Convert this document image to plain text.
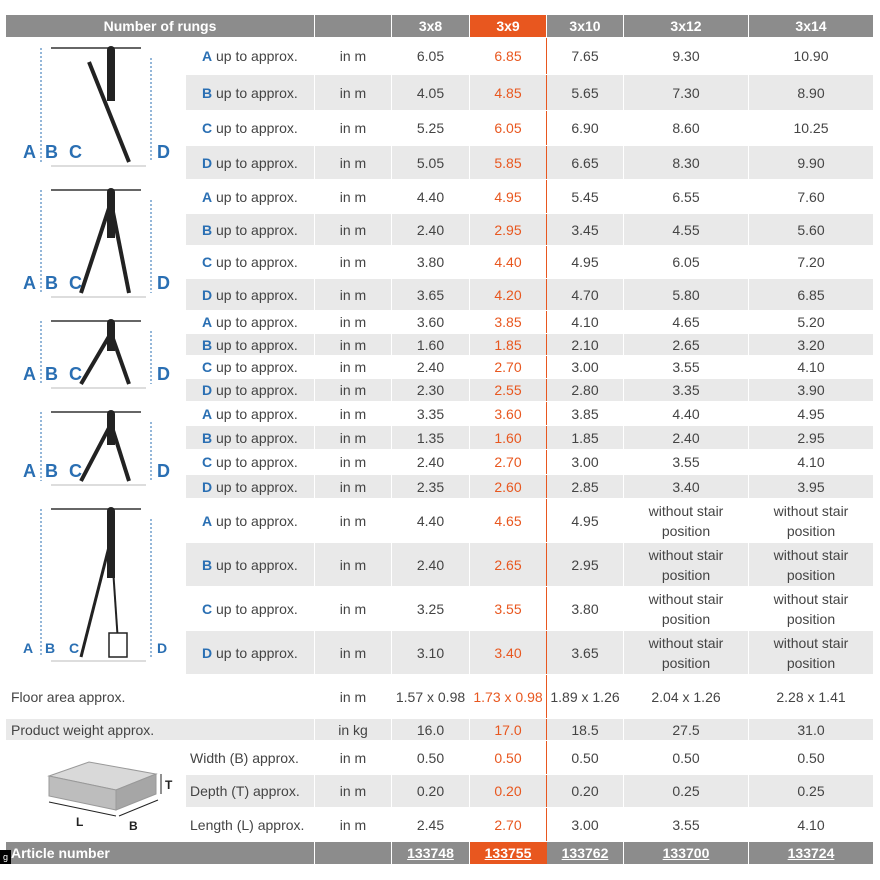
Number of rungs			3x8	3x9	3x10	3x12	3x14

A B C D	A up to approx.	in m	6.05	6.85	7.65	9.30	10.90
	B up to approx.	in m	4.05	4.85	5.65	7.30	8.90
	C up to approx.	in m	5.25	6.05	6.90	8.60	10.25
	D up to approx.	in m	5.05	5.85	6.65	8.30	9.90

A B C D	A up to approx.	in m	4.40	4.95	5.45	6.55	7.60
	B up to approx.	in m	2.40	2.95	3.45	4.55	5.60
	C up to approx.	in m	3.80	4.40	4.95	6.05	7.20
	D up to approx.	in m	3.65	4.20	4.70	5.80	6.85

A B C D	A up to approx.	in m	3.60	3.85	4.10	4.65	5.20
	B up to approx.	in m	1.60	1.85	2.10	2.65	3.20
	C up to approx.	in m	2.40	2.70	3.00	3.55	4.10
	D up to approx.	in m	2.30	2.55	2.80	3.35	3.90

A B C D	A up to approx.	in m	3.35	3.60	3.85	4.40	4.95
	B up to approx.	in m	1.35	1.60	1.85	2.40	2.95
	C up to approx.	in m	2.40	2.70	3.00	3.55	4.10
	D up to approx.	in m	2.35	2.60	2.85	3.40	3.95

A B C D	A up to approx.	in m	4.40	4.65	4.95	without stair position	without stair position
	B up to approx.	in m	2.40	2.65	2.95	without stair position	without stair position
	C up to approx.	in m	3.25	3.55	3.80	without stair position	without stair position
	D up to approx.	in m	3.10	3.40	3.65	without stair position	without stair position
Floor area approx.		in m	1.57 x 0.98	1.73 x 0.98	1.89 x 1.26	2.04 x 1.26	2.28 x 1.41
Product weight approx.		in kg	16.0	17.0	18.5	27.5	31.0

T
L B	Width (B) approx.	in m	0.50	0.50	0.50	0.50	0.50
	Depth (T) approx.	in m	0.20	0.20	0.20	0.25	0.25
	Length (L) approx.	in m	2.45	2.70	3.00	3.55	4.10
Article number			133748	133755	133762	133700	133724
g
